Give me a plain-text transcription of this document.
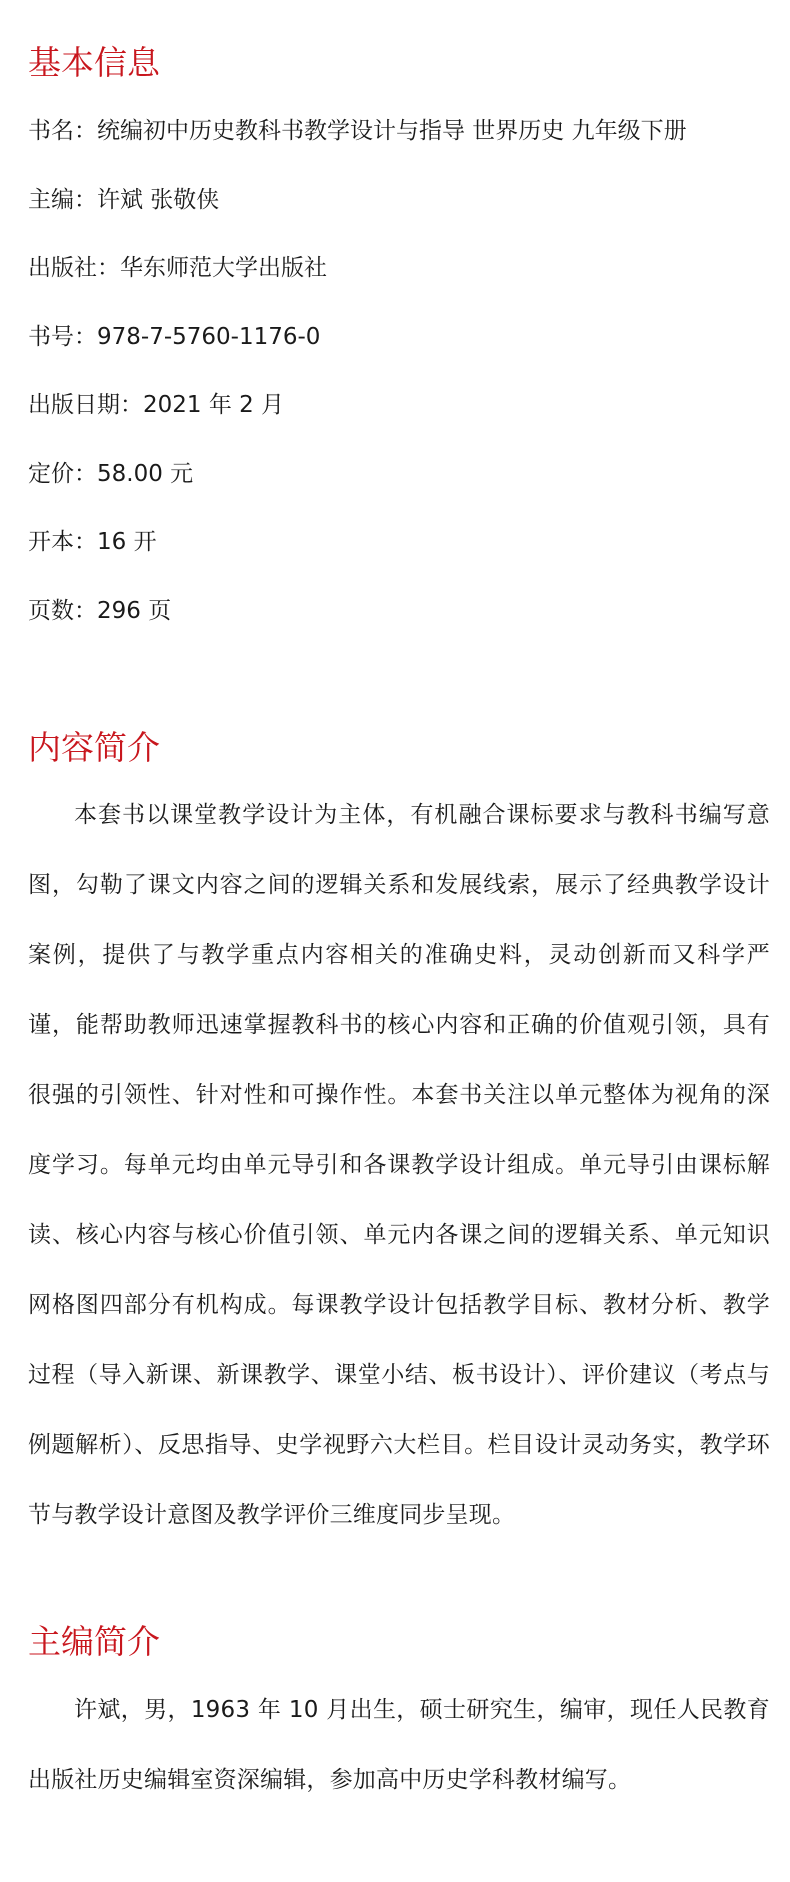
基本信息
书名：统编初中历史教科书教学设计与指导 世界历史 九年级下册
主编：许斌 张敬侠
出版社：华东师范大学出版社
书号：978-7-5760-1176-0
出版日期：2021 年 2 月
定价：58.00 元
开本：16 开
页数：296 页
内容简介

本套书以课堂教学设计为主体，有机融合课标要求与教科书编写意图，勾勒了课文内容之间的逻辑关系和发展线索，展示了经典教学设计案例，提供了与教学重点内容相关的准确史料，灵动创新而又科学严谨，能帮助教师迅速掌握教科书的核心内容和正确的价值观引领，具有很强的引领性、针对性和可操作性。本套书关注以单元整体为视角的深度学习。每单元均由单元导引和各课教学设计组成。单元导引由课标解读、核心内容与核心价值引领、单元内各课之间的逻辑关系、单元知识网格图四部分有机构成。每课教学设计包括教学目标、教材分析、教学过程（导入新课、新课教学、课堂小结、板书设计）、评价建议（考点与例题解析）、反思指导、史学视野六大栏目。栏目设计灵动务实，教学环节与教学设计意图及教学评价三维度同步呈现。

主编简介

许斌，男，1963 年 10 月出生，硕士研究生，编审，现任人民教育出版社历史编辑室资深编辑，参加高中历史学科教材编写。
